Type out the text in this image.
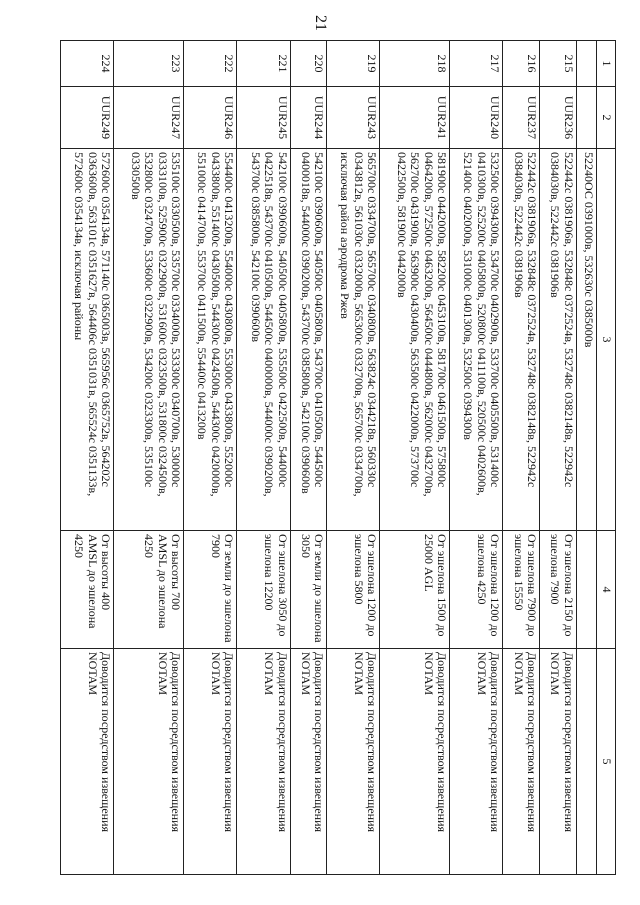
21
1	2	3	4	5
		52240ОС 0391000в, 532630с 0385000в		
215	UUR236	522442с 0381906в, 532848с 0372524в, 532748с 0382148в, 522942с 0384030в, 522442с 0381906в	От эшелона 2150 до эшелона 7900	Доводится посредством извещения NOTAM
216	UUR237	522442с 0381906в, 532848с 0372524в, 532748с 0382148в, 522942с 0384030в, 522442с 0381906в	От эшелона 7900 до эшелона 15550	Доводится посредством извещения NOTAM
217	UUR240	532500с 0394300в, 534700с 0402900в, 533700с 0405500в, 531400с 0410300в, 525200с 0405800в, 520800с 0411100в, 520500с 0402600в, 521400с 0402000в, 531000с 0401300в, 532500с 0394300в	От эшелона 1200 до эшелона 4250	Доводится посредством извещения NOTAM
218	UUR241	581900с 0442000в, 582200с 0453100в, 581700с 0461500в, 575800с 0464200в, 572500с 0463200в, 564500с 0444800в, 562000с 0432700в, 562700с 0431900в, 563900с 0430400в, 563500с 0422000в, 573700с 0422500в, 581900с 0442000в	От эшелона 1500 до 25000 AGL	Доводится посредством извещения NOTAM
219	UUR243	565700с 0334700в, 565700с 0340800в, 563824с 0344218в, 560330с 0343812в, 561030с 0332000в, 565300с 0332700в, 565700с 0334700в, исключая район аэродрома Ржев	От эшелона 1200 до эшелона 5800	Доводится посредством извещения NOTAM
220	UUR244	542100с 0390600в, 540500с 0405800в, 543700с 0410500в, 544500с 0400018в, 544000с 0390200в, 543700с 0385800в, 542100с 0390600в	От земли до эшелона 3050	Доводится посредством извещения NOTAM
221	UUR245	542100с 0390600в, 540500с 0405800в, 535500с 0422500в, 544000с 0422518в, 543700с 0410500в, 544500с 0400000в, 544000с 0390200в, 543700с 0385800в, 542100с 0390600в	От эшелона 3050 до эшелона 12200	Доводится посредством извещения NOTAM
222	UUR246	554400с 0413200в, 554000с 0430800в, 553000с 0433800в, 552000с 0433800в, 551400с 0430500в, 544300с 0424500в, 544300с 0420000в, 551000с 0414700в, 553700с 0411500в, 554400с 0413200в	От земли до эшелона 7900	Доводится посредством извещения NOTAM
223	UUR247	535100с 0330500в, 535700с 0334000в, 533300с 0340700в, 530000с 0333100в, 525900с 0322900в, 531600с 0323500в, 531800с 0324500в, 532800с 0324700в, 533600с 0322900в, 534200с 0323300в, 535100с 0330500в	От высоты 700 AMSL до эшелона 4250	Доводится посредством извещения NOTAM
224	UUR249	572600с 0354134в, 571140с 0365003в, 565956с 0365752в, 564202с 0363600в, 563101с 0351627в, 564406с 0351031в, 565524с 0351133в, 572600с 0354134в, исключая районы	От высоты 400 AMSL до эшелона 4250	Доводится посредством извещения NOTAM
